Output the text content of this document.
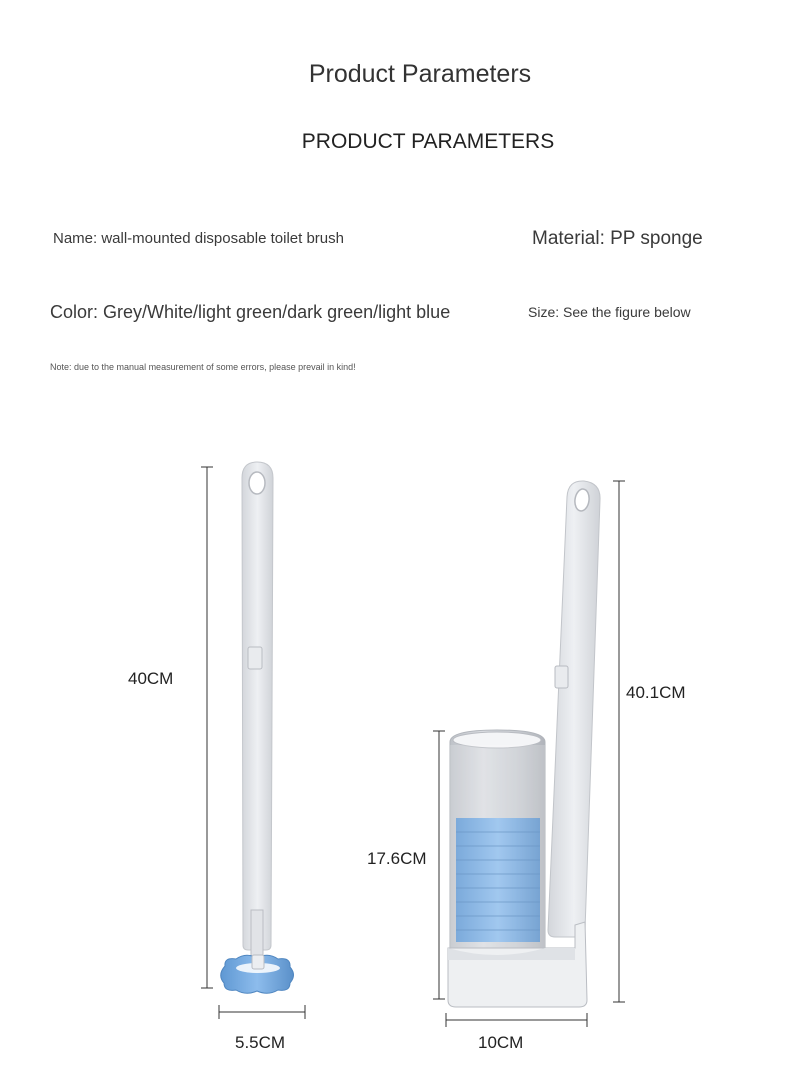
Product Parameters
PRODUCT PARAMETERS
Name: wall-mounted disposable toilet brush	Material: PP sponge
Color: Grey/White/light green/dark green/light blue	Size: See the figure below
Note: due to the manual measurement of some errors, please prevail in kind!
40CM
40.1CM
17.6CM
5.5CM	10CM
